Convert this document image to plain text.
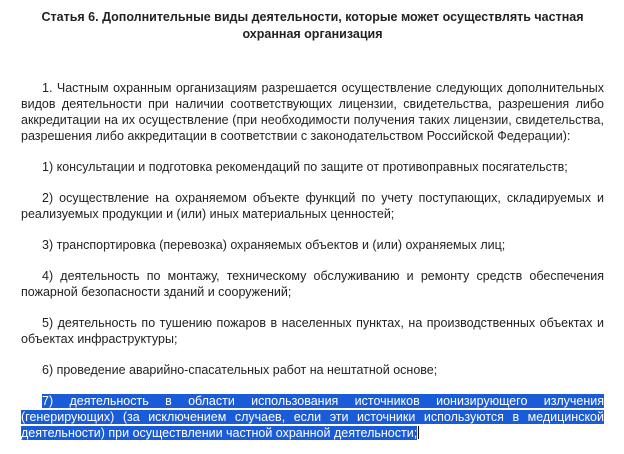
Статья 6. Дополнительные виды деятельности, которые может осуществлять частная охранная организация

1. Частным охранным организациям разрешается осуществление следующих дополнительных видов деятельности при наличии соответствующих лицензии, свидетельства, разрешения либо аккредитации на их осуществление (при необходимости получения таких лицензии, свидетельства, разрешения либо аккредитации в соответствии с законодательством Российской Федерации):

1) консультации и подготовка рекомендаций по защите от противоправных посягательств;

2) осуществление на охраняемом объекте функций по учету поступающих, складируемых и реализуемых продукции и (или) иных материальных ценностей;

3) транспортировка (перевозка) охраняемых объектов и (или) охраняемых лиц;

4) деятельность по монтажу, техническому обслуживанию и ремонту средств обеспечения пожарной безопасности зданий и сооружений;

5) деятельность по тушению пожаров в населенных пунктах, на производственных объектах и объектах инфраструктуры;

6) проведение аварийно-спасательных работ на нештатной основе;

7) деятельность в области использования источников ионизирующего излучения (генерирующих) (за исключением случаев, если эти источники используются в медицинской деятельности) при осуществлении частной охранной деятельности;
